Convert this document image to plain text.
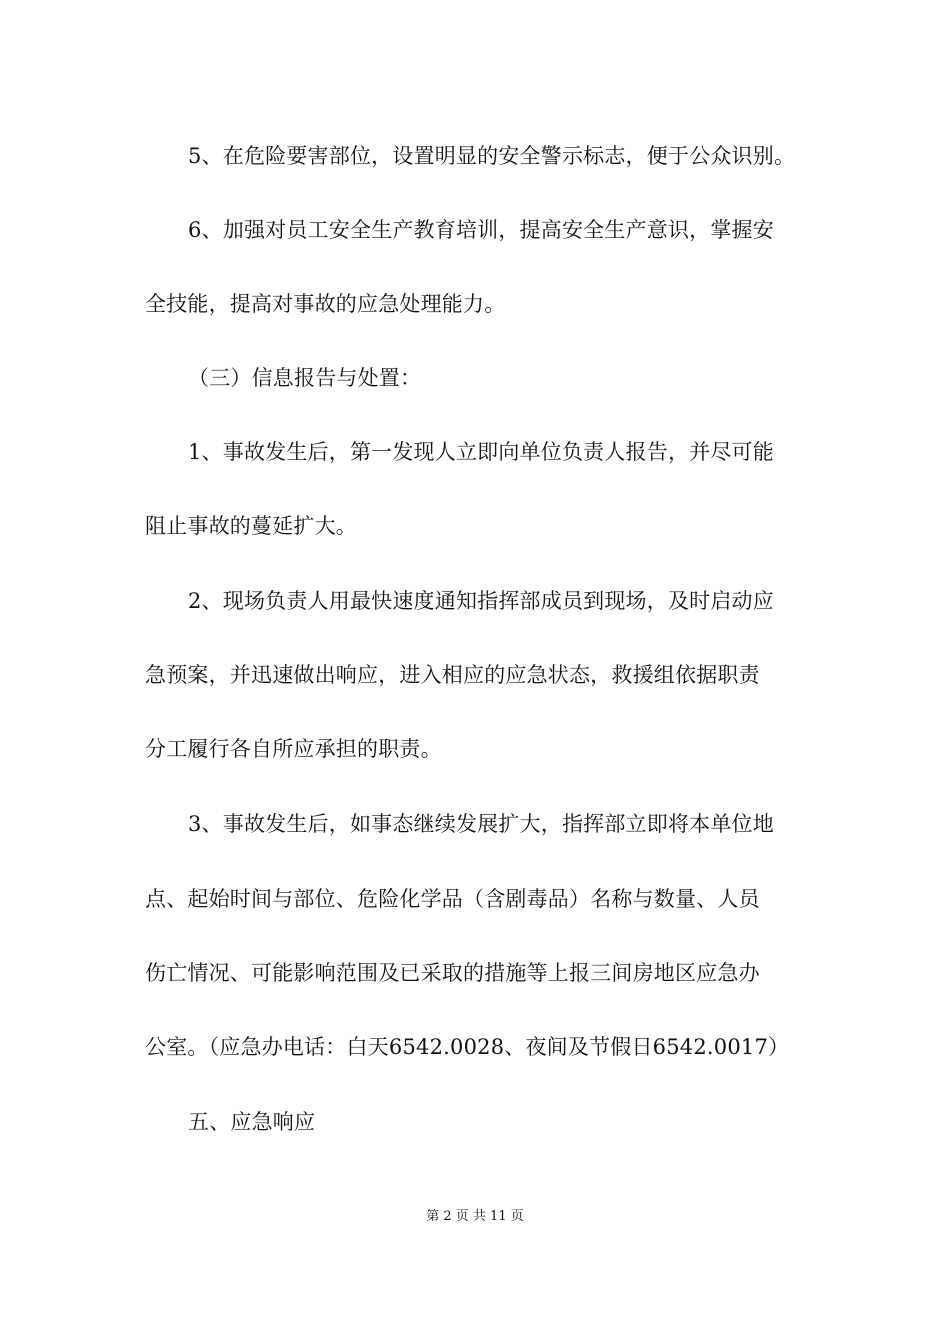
5、在危险要害部位，设置明显的安全警示标志，便于公众识别。
6、加强对员工安全生产教育培训，提高安全生产意识，掌握安
全技能，提高对事故的应急处理能力。
（三）信息报告与处置：
1、事故发生后，第一发现人立即向单位负责人报告，并尽可能
阻止事故的蔓延扩大。
2、现场负责人用最快速度通知指挥部成员到现场，及时启动应
急预案，并迅速做出响应，进入相应的应急状态，救援组依据职责
分工履行各自所应承担的职责。
3、事故发生后，如事态继续发展扩大，指挥部立即将本单位地
点、起始时间与部位、危险化学品（含剧毒品）名称与数量、人员
伤亡情况、可能影响范围及已采取的措施等上报三间房地区应急办
公室。（应急办电话：白天6542.0028、夜间及节假日6542.0017）
五、应急响应
第 2 页 共 11 页
